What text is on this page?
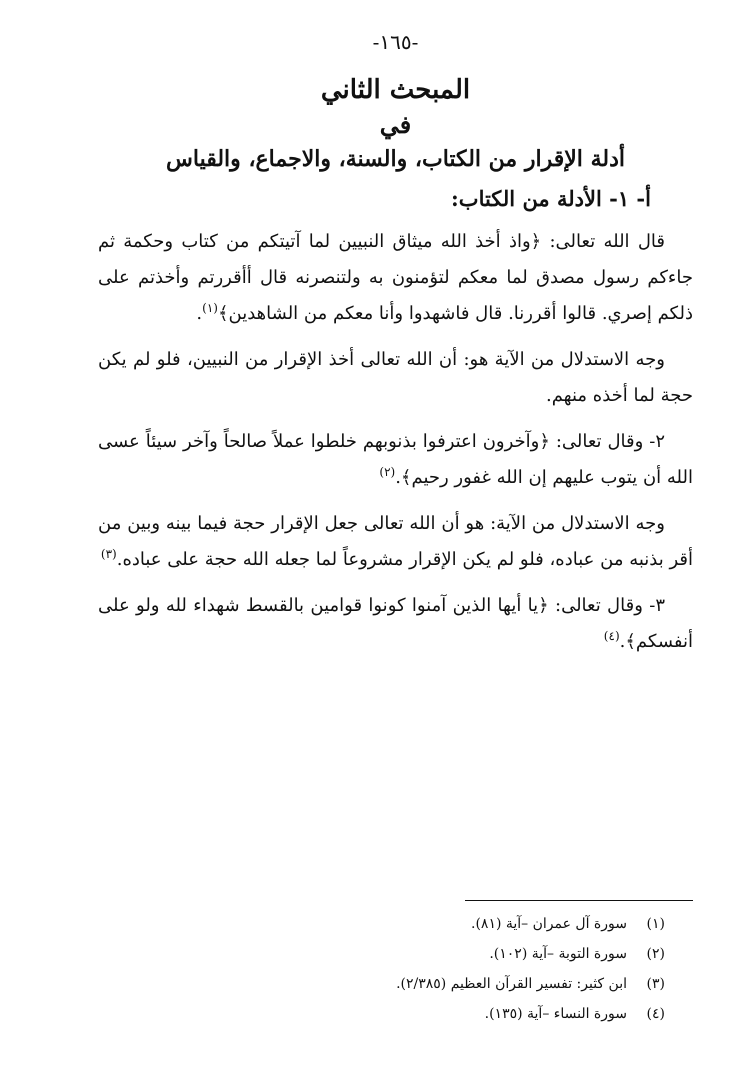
-١٦٥-
المبحث الثاني
في
أدلة الإقرار من الكتاب، والسنة، والاجماع، والقياس
أ- ١- الأدلة من الكتاب:

قال الله تعالى: ﴿واذ أخذ الله ميثاق النبيين لما آتيتكم من كتاب وحكمة ثم جاءكم رسول مصدق لما معكم لتؤمنون به ولتنصرنه قال أأقررتم وأخذتم على ذلكم إصري. قالوا أقررنا. قال فاشهدوا وأنا معكم من الشاهدين﴾$^{(١)}$.

وجه الاستدلال من الآية هو: أن الله تعالى أخذ الإقرار من النبيين، فلو لم يكن حجة لما أخذه منهم.

٢- وقال تعالى: ﴿وآخرون اعترفوا بذنوبهم خلطوا عملاً صالحاً وآخر سيئاً عسى الله أن يتوب عليهم إن الله غفور رحيم﴾.$^{(٢)}$

وجه الاستدلال من الآية: هو أن الله تعالى جعل الإقرار حجة فيما بينه وبين من أقر بذنبه من عباده، فلو لم يكن الإقرار مشروعاً لما جعله الله حجة على عباده.$^{(٣)}$

٣- وقال تعالى: ﴿يا أيها الذين آمنوا كونوا قوامين بالقسط شهداء لله ولو على أنفسكم﴾.$^{(٤)}$

(١)
سورة آل عمران –آية (٨١).
(٢)
سورة التوبة –آية (١٠٢).
(٣)
ابن كثير: تفسير القرآن العظيم (٢/٣٨٥).
(٤)
سورة النساء –آية (١٣٥).
